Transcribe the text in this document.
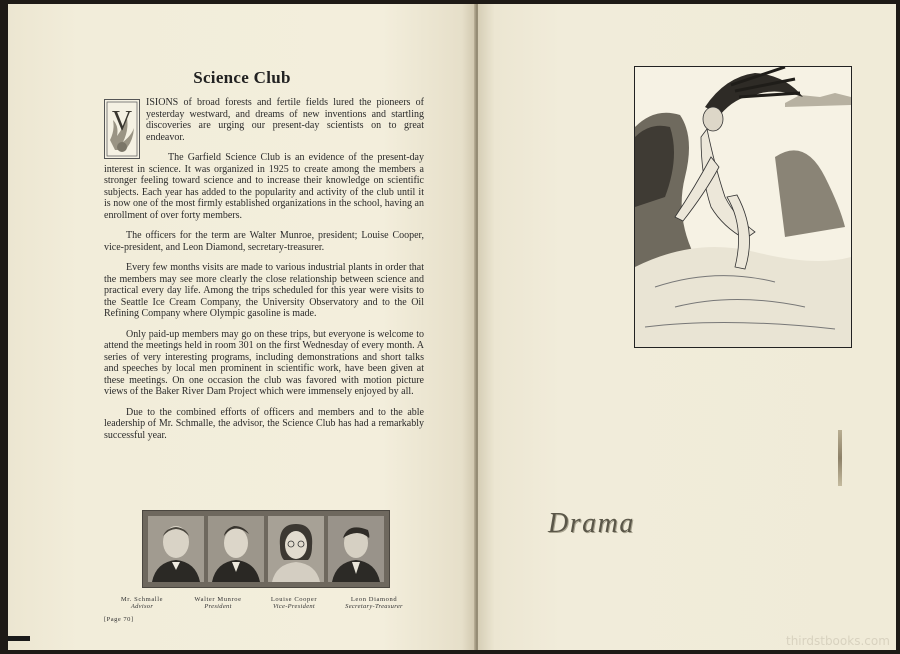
Science Club

V
ISIONS of broad forests and fertile fields lured the pioneers of yesterday westward, and dreams of new inventions and startling discoveries are urging our present-day scientists on to great endeavor.

The Garfield Science Club is an evidence of the present-day interest in science. It was organized in 1925 to create among the members a stronger feeling toward science and to increase their knowledge on scientific subjects. Each year has added to the popularity and activity of the club until it is now one of the most firmly established organizations in the school, having an enrollment of over forty members.

The officers for the term are Walter Munroe, president; Louise Cooper, vice-president, and Leon Diamond, secretary-treasurer.

Every few months visits are made to various industrial plants in order that the members may see more clearly the close relationship between science and practical every day life. Among the trips scheduled for this year were visits to the Seattle Ice Cream Company, the University Observatory and to the Oil Refining Company where Olympic gasoline is made.

Only paid-up members may go on these trips, but everyone is welcome to attend the meetings held in room 301 on the first Wednesday of every month. A series of very interesting programs, including demonstrations and short talks and speeches by local men prominent in scientific work, have been given at these meetings. On one occasion the club was favored with motion picture views of the Baker River Dam Project which were immensely enjoyed by all.

Due to the combined efforts of officers and members and to the able leadership of Mr. Schmalle, the advisor, the Science Club has had a remarkably successful year.

Mr. Schmalle
Advisor
Walter Munroe
President
Louise Cooper
Vice-President
Leon Diamond
Secretary-Treasurer
[Page 70]
Drama
thirdstbooks.com
